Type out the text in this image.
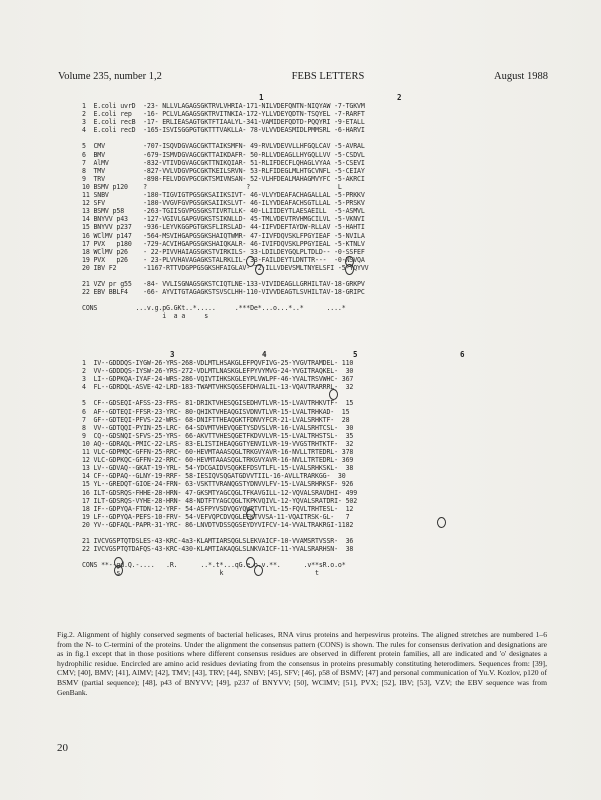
Volume 235, number 1,2	FEBS LETTERS	August 1988
1	2
1  E.coli uvrD  -23- NLLVLAGAGSGKTRVLVHRIA-171-NILVDEFQNTN-NIQYAW -7-TGKVM
2  E.coli rep   -16- PCLVLAGAGSGKTRVITNKIA-172-YLLVDEYQDTN-TSQYEL -7-RARFT
3  E.coli recB  -17- ERLIEASAGTGKTFTIAALYL-341-VAMIDEFQDTD-PQQYRI -9-ETALL
4  E.coli recD  -165-ISVISGGPGTGKTTTVAKLLA- 78-VLVVDEASMIDLPMMSRL -6-HARVI

5  CMV          -707-ISQVDGVAGCGKTTAIKSMFN- 49-RVLVDEVVLLHFGQLCAV -5-AVRAL
6  BMV          -679-ISMVDGVAGCGKTTAIKDAFR- 50-RLLVDEAGLLHYGQLLVV -5-CSDVL
7  AlMV         -832-VTIVDGVAGCGKTTNIKQIAR- 51-RLIFDECFLQHAGLVYAA -5-CSEVI
8  TMV          -827-VVLVDGVPGCGKTKEILSRVN- 53-RLFIDEGLMLHTGCVNFL -5-CEIAY
9  TRV          -898-FELVDGVPGCGKTSMIVNSAN- 52-VLHFDEALMAHAGMVYFC -5-AKRCI
10 BSMV p120    ?                          ?                       L
11 SNBV         -180-TIGVIGTPGSGKSAIIKSIVT- 46-VLVYDEAFACHAGALLAL -5-PRKKV
12 SFV          -180-VVGVFGVPGSGKSAIIKSLVT- 46-ILYVDEAFACHSGTLLAL -5-PRSKV
13 BSMV p58     -263-TGIISGVPGSGKSTIVRTLLK- 40-LLIIDEYTLAESAEILL  -5-ASMVL
14 BNYVV p43    -127-VGIVLGAPGVGKSTSIKNLLD- 45-TMLVDEVTRVHMGCILVL -5-VKNVI
15 BNYVV p237   -936-LEYVKGGPGTGKSFLIRSLAD- 44-IIFVDEFTAYDW-RLLAV -5-HAHTI
16 WClMV p147   -564-MSVIHGAPGSGKSHAIQTWMR- 47-IIVFDQVSKLFPGYIEAF -5-NVILA
17 PVX   p180   -729-ACVIHGAPGSGKSHAIQKALR- 46-IVIFDQVSKLPPGYIEAL -5-KTNLV
18 WClMV p26    - 22-PIVVHAIAGSGKSTVIRKILS- 33-LDILDEYGQLPLTDLD-- -0-SSFEF
19 PVX   p26    - 23-PLVVHAVAGAGKSTALRKLIL- 33-FAILDEYTLDNTTR---  -0-NSVQA
20 IBV F2       -1167-RTTVDGPPGSGKSHFAIGLAV- 72-ILLVDEVSMLTNYELSFI -5-YQYVV

21 VZV pr g55   -84- VVLISGNAGSGKSTCIQTLNE-133-VIVIDEAGLLGRHILTAV-18-GRKPV
22 EBV BBLF4    -66- AYVITGTAGAGKSTSVSCLHH-110-VIVVDEAGTLSVHILTAV-18-GRIPC

CONS          ...v.g.pG.GKt..*.....     .***De*...o...*..*      ....*
i  a a     s
3	4	5	6
1  IV--GDDDQS-IYGW-26-YRS-268-VDLMTLHSAKGLEFPQVFIVG-25-YVGVTRAMDEL- 110
2  VV--GDDDQS-IYSW-26-YRS-272-VDLMTLNASKGLEFPYVYMVG-24-YVGITRAQKEL-  30
3  LI--GDPKQA-IYAF-24-WRS-286-VQIVTIHKSKGLEYPLVWLPF-46-YVALTRSVWHC- 367
4  FL--GDRDQL-ASVE-42-LRD-183-TWAMTVHKSQGSEFDHVALIL-13-VQAVTRARRRL-  32

5  CF--GDSEQI-AFSS-23-FRS- 81-DRIKTVHESQGISEDHVTLVR-15-LVAVTRHKVTF-  15
6  AF--GDTEQI-FFSR-23-YRC- 80-QHIKTVHEAQGISVDNVTLVR-15-LVALTRHKAD-  15
7  GF--GDTEQI-PFVS-22-WRS- 68-DNIFTTHEAQGKTFDNVYFCR-21-LVALSRHKTF-  28
8  VV--GDTQQI-PYIN-25-LRC- 64-SDVMTVHEVQGETYSDVSLVR-16-LVALSRHTCSL-  30
9  CQ--GDSNQI-SFVS-25-YRS- 66-AKVTTVHESQGETFKDVVLVR-15-LVALTRHSTSL-  35
10 AQ--GDRAQL-PMIC-22-LRS- 83-ELISTIHEAQGGTYENVILVR-19-VVGSTRHTKTF-  32
11 VLC-GDPMQC-GFFN-25-RRC- 60-HEVMTAAASQGLTRKGVYAVR-16-NVLLTRTEDRL- 378
12 VLC-GDPKQC-GFFN-22-RRC- 60-HEVMTAAASQGLTRKGVYAVR-16-NVLLTRTEDRL- 369
13 LV--GDVAQ--GKAT-19-YRL- 54-YDCGAIDVSQGKEFDSVTLFL-15-LVALSRHKSKL-  38
14 CF--GDPAQ--GLNY-19-RRF- 58-IESIQVSQGATGDVVTIIL-16-AVLLTRARKGG-  30
15 YL--GREDQT-GIOE-24-FRN- 63-VSKTTVRANQGSTYDNVVLFV-15-LVALSRHRKSF- 926
16 ILT-GDSRQS-FHHE-28-HRN- 47-GKSMTYAGCQGLTFKAVGILL-12-VQVALSRAVDHI- 499
17 ILT-GDSRQS-VYHE-28-HRN- 48-NDTFTYAGCQGLTKPKVQIVL-12-YQVALSRATDRI- 502
18 IF--GDPYQA-FTDN-12-YRF- 54-ASFPYVSDVQGYQWPTVTLYL-15-FQVLTRHTESL-  12
19 LF--GDPYQA-PEFS-10-FRV- 54-VEFVQPCDVQGLEFKTVVSA-11-VQAITRSK-GL-   7
20 YV--GDFAQL-PAPR-31-YRC- 86-LNVDTVDSSQGSEYDYVIFCV-14-VVALTRAKRGI-1182

21 IVCVGSPTQTDSLES-43-KRC-4a3-KLAMTIARSQGLSLEKVAICF-10-VVAMSRTVSSR-  36
22 IVCVGSPTQTDAFQS-43-KRC-430-KLAMTIAKAQGLSLNKVAICF-11-YVALSRARHSN-  38

CONS **--gd.Q.-....   .R.      ..*.t*...qG.e.o.v.**.      .v**sR.o.o*
s                          k                        t
Fig.2. Alignment of highly conserved segments of bacterial helicases, RNA virus proteins and herpesvirus proteins. The aligned stretches are numbered 1–6 from the N- to C-termini of the proteins. Under the alignment the consensus pattern (CONS) is shown. The rules for consensus derivation and designations are as in fig.1 except that in those positions where different consensus residues are observed in different protein families, all are indicated and 'o' designates a hydrophilic residue. Encircled are amino acid residues deviating from the consensus in proteins presumably constituting heterodimers. Sequences from: [39], CMV; [40], BMV; [41], AlMV; [42], TMV; [43], TRV; [44], SNBV; [45], SFV; [46], p58 of BSMV; [47] and personal communication of Yu.V. Kozlov, p120 of BSMV (partial sequence); [48], p43 of BNYVV; [49], p237 of BNYVV; [50], WClMV; [51], PVX; [52], IBV; [53], VZV; the EBV sequence was from GenBank.
20
